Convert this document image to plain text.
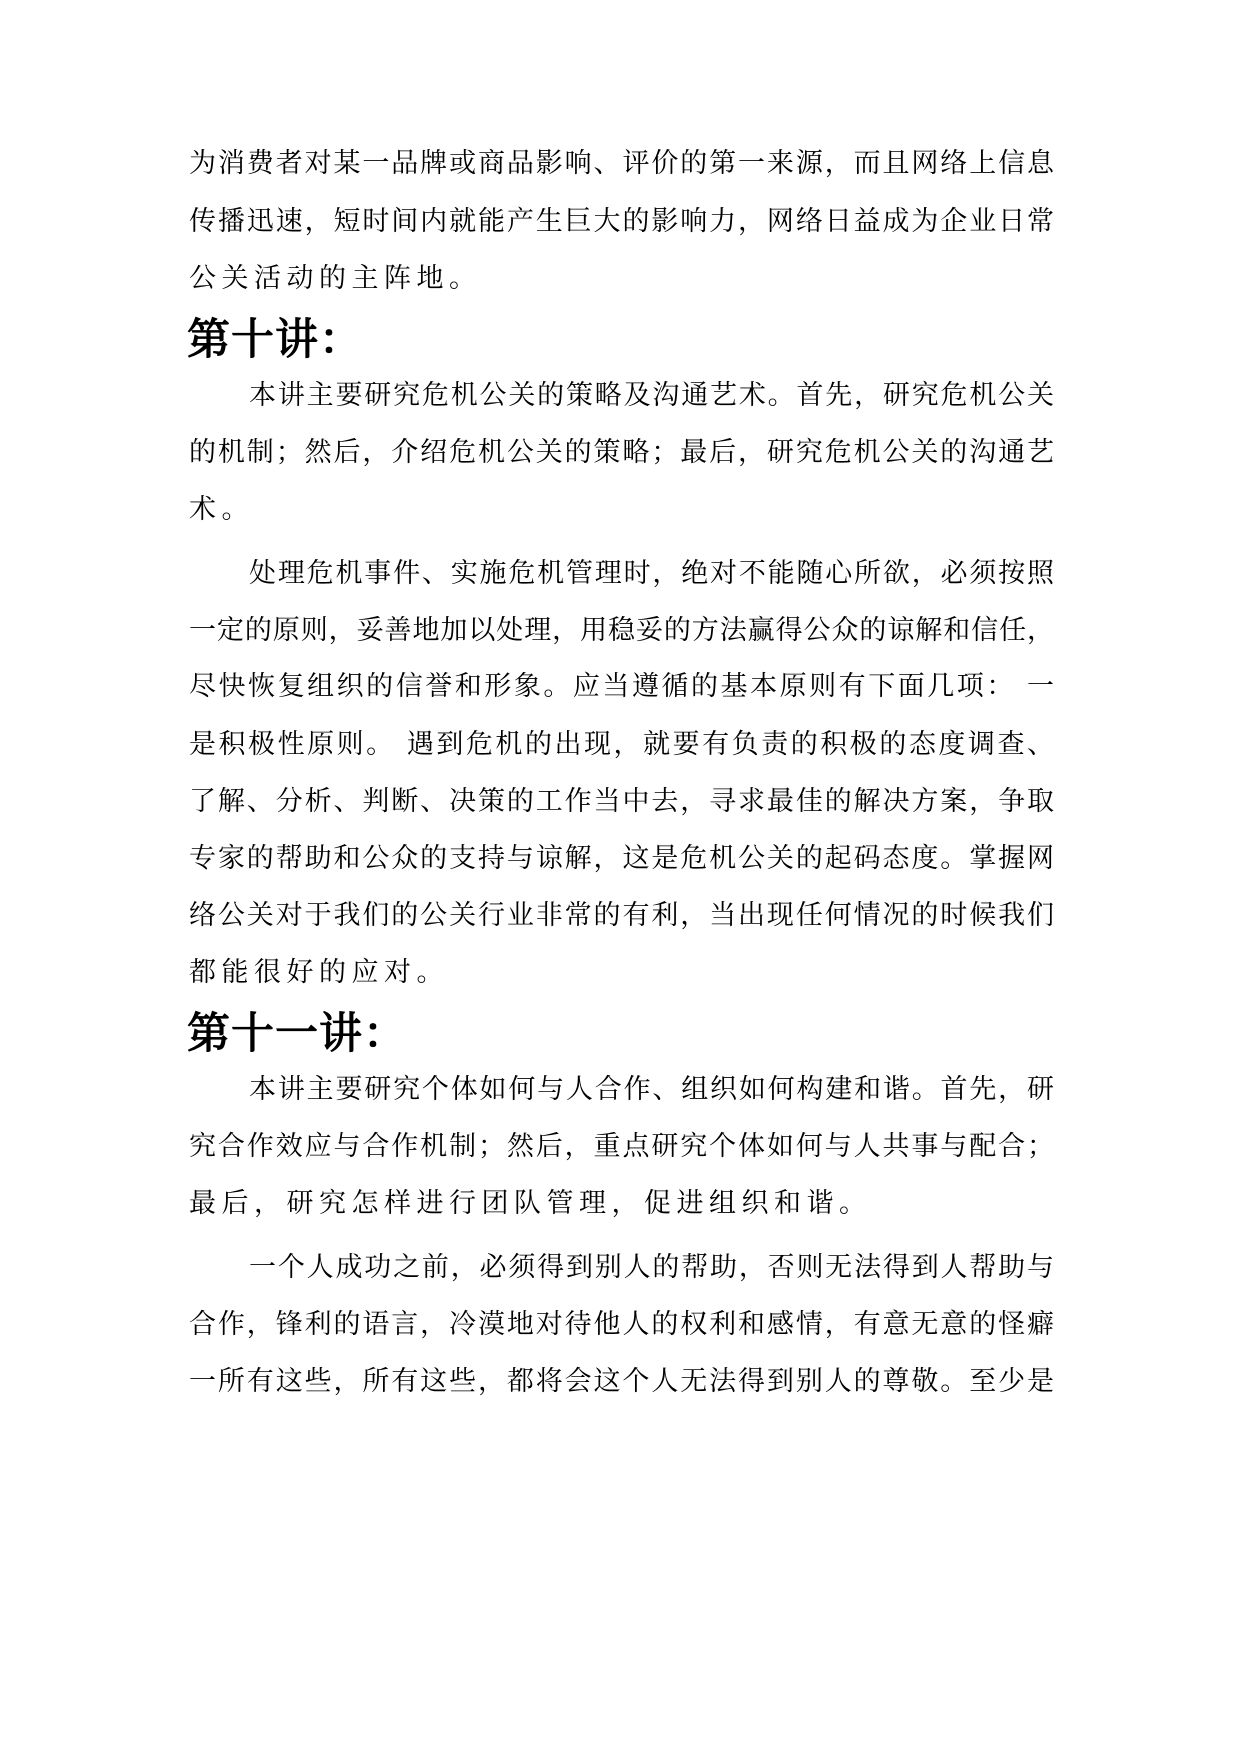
为消费者对某一品牌或商品影响、评价的第一来源，而且网络上信息
传播迅速，短时间内就能产生巨大的影响力，网络日益成为企业日常
公关活动的主阵地。
第十讲：
本讲主要研究危机公关的策略及沟通艺术。首先，研究危机公关
的机制；然后，介绍危机公关的策略；最后，研究危机公关的沟通艺
术。
处理危机事件、实施危机管理时，绝对不能随心所欲，必须按照
一定的原则，妥善地加以处理，用稳妥的方法赢得公众的谅解和信任，
尽快恢复组织的信誉和形象。应当遵循的基本原则有下面几项： 一
是积极性原则。 遇到危机的出现，就要有负责的积极的态度调查、
了解、分析、判断、决策的工作当中去，寻求最佳的解决方案，争取
专家的帮助和公众的支持与谅解，这是危机公关的起码态度。掌握网
络公关对于我们的公关行业非常的有利，当出现任何情况的时候我们
都能很好的应对。
第十一讲：
本讲主要研究个体如何与人合作、组织如何构建和谐。首先，研
究合作效应与合作机制；然后，重点研究个体如何与人共事与配合；
最后，研究怎样进行团队管理，促进组织和谐。
一个人成功之前，必须得到别人的帮助，否则无法得到人帮助与
合作，锋利的语言，冷漠地对待他人的权利和感情，有意无意的怪癖
一所有这些，所有这些，都将会这个人无法得到别人的尊敬。至少是
